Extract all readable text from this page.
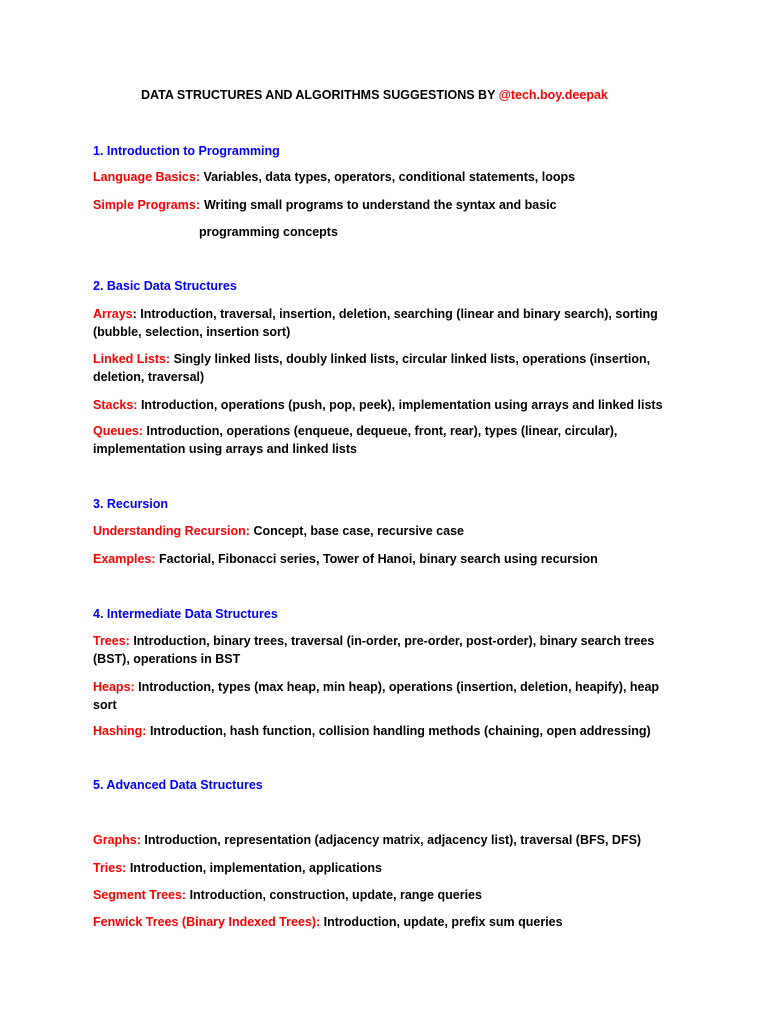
DATA STRUCTURES AND ALGORITHMS SUGGESTIONS BY @tech.boy.deepak
1. Introduction to Programming
Language Basics: Variables, data types, operators, conditional statements, loops
Simple Programs: Writing small programs to understand the syntax and basic
programming concepts
2. Basic Data Structures
Arrays: Introduction, traversal, insertion, deletion, searching (linear and binary search), sorting (bubble, selection, insertion sort)
Linked Lists: Singly linked lists, doubly linked lists, circular linked lists, operations (insertion, deletion, traversal)
Stacks: Introduction, operations (push, pop, peek), implementation using arrays and linked lists
Queues: Introduction, operations (enqueue, dequeue, front, rear), types (linear, circular), implementation using arrays and linked lists
3. Recursion
Understanding Recursion: Concept, base case, recursive case
Examples: Factorial, Fibonacci series, Tower of Hanoi, binary search using recursion
4. Intermediate Data Structures
Trees: Introduction, binary trees, traversal (in-order, pre-order, post-order), binary search trees (BST), operations in BST
Heaps: Introduction, types (max heap, min heap), operations (insertion, deletion, heapify), heap sort
Hashing: Introduction, hash function, collision handling methods (chaining, open addressing)
5. Advanced Data Structures
Graphs: Introduction, representation (adjacency matrix, adjacency list), traversal (BFS, DFS)
Tries: Introduction, implementation, applications
Segment Trees: Introduction, construction, update, range queries
Fenwick Trees (Binary Indexed Trees): Introduction, update, prefix sum queries
